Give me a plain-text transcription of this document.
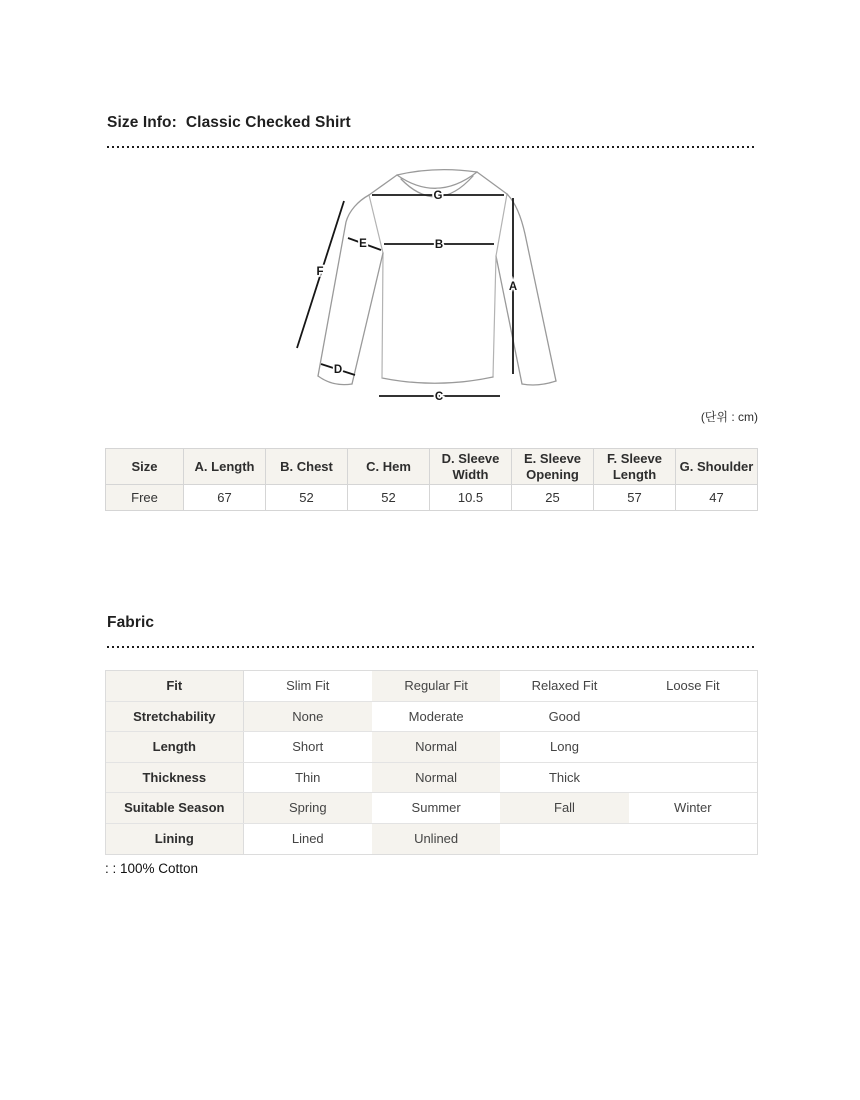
Size Info: Classic Checked Shirt
G
B
A
C
F
E
D
(단위 : cm)
Size	A. Length	B. Chest	C. Hem	D. Sleeve Width	E. Sleeve Opening	F. Sleeve Length	G. Shoulder
Free	67	52	52	10.5	25	57	47
Fabric
Fit	Slim Fit	Regular Fit	Relaxed Fit	Loose Fit
Stretchability	None	Moderate	Good
Length	Short	Normal	Long
Thickness	Thin	Normal	Thick
Suitable Season	Spring	Summer	Fall	Winter
Lining	Lined	Unlined
: : 100% Cotton
